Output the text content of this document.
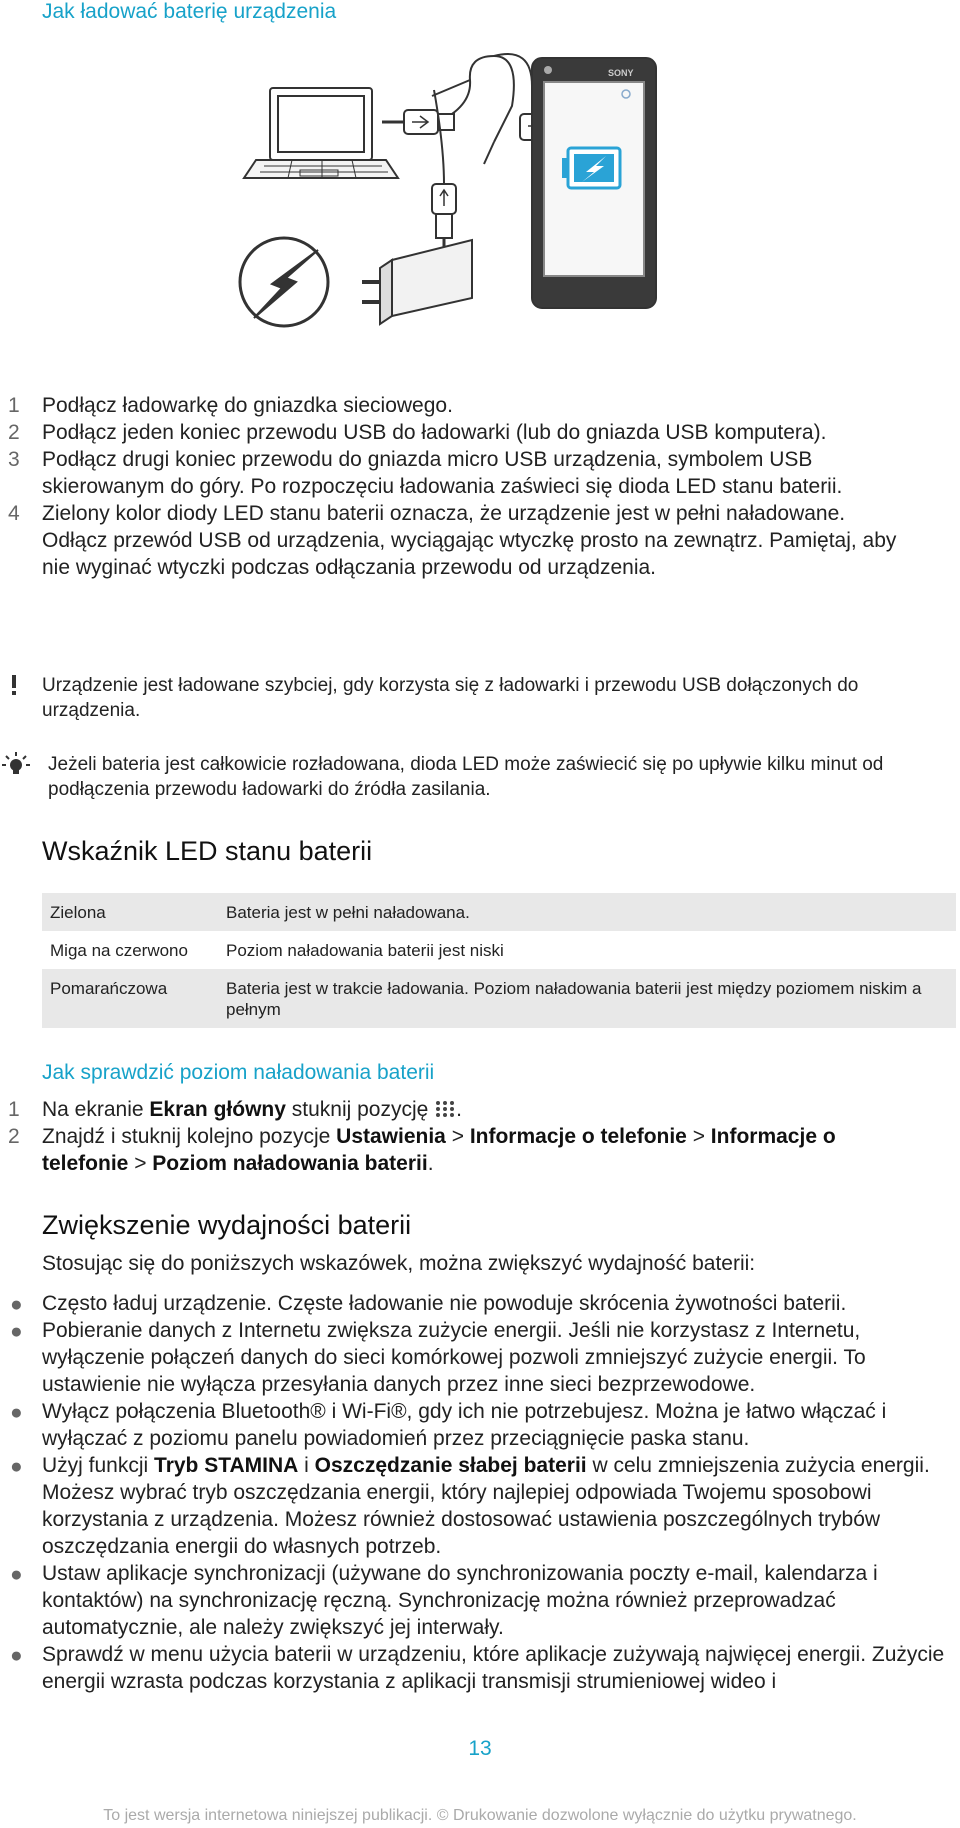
Jak ładować baterię urządzenia
SONY
1	Podłącz ładowarkę do gniazdka sieciowego.
2	Podłącz jeden koniec przewodu USB do ładowarki (lub do gniazda USB komputera).
3	Podłącz drugi koniec przewodu do gniazda micro USB urządzenia, symbolem USB skierowanym do góry. Po rozpoczęciu ładowania zaświeci się dioda LED stanu baterii.
4	Zielony kolor diody LED stanu baterii oznacza, że urządzenie jest w pełni naładowane. Odłącz przewód USB od urządzenia, wyciągając wtyczkę prosto na zewnątrz. Pamiętaj, aby nie wyginać wtyczki podczas odłączania przewodu od urządzenia.
Urządzenie jest ładowane szybciej, gdy korzysta się z ładowarki i przewodu USB dołączonych do urządzenia.
Jeżeli bateria jest całkowicie rozładowana, dioda LED może zaświecić się po upływie kilku minut od podłączenia przewodu ładowarki do źródła zasilania.
Wskaźnik LED stanu baterii
Zielona	Bateria jest w pełni naładowana.
Miga na czerwono	Poziom naładowania baterii jest niski
Pomarańczowa	Bateria jest w trakcie ładowania. Poziom naładowania baterii jest między poziomem niskim a pełnym
Jak sprawdzić poziom naładowania baterii
1	Na ekranie Ekran główny stuknij pozycję .
2	Znajdź i stuknij kolejno pozycje Ustawienia > Informacje o telefonie > Informacje o telefonie > Poziom naładowania baterii.
Zwiększenie wydajności baterii
Stosując się do poniższych wskazówek, można zwiększyć wydajność baterii:
● Często ładuj urządzenie. Częste ładowanie nie powoduje skrócenia żywotności baterii.
● Pobieranie danych z Internetu zwiększa zużycie energii. Jeśli nie korzystasz z Internetu, wyłączenie połączeń danych do sieci komórkowej pozwoli zmniejszyć zużycie energii. To ustawienie nie wyłącza przesyłania danych przez inne sieci bezprzewodowe.
● Wyłącz połączenia Bluetooth® i Wi-Fi®, gdy ich nie potrzebujesz. Można je łatwo włączać i wyłączać z poziomu panelu powiadomień przez przeciągnięcie paska stanu.
● Użyj funkcji Tryb STAMINA i Oszczędzanie słabej baterii w celu zmniejszenia zużycia energii. Możesz wybrać tryb oszczędzania energii, który najlepiej odpowiada Twojemu sposobowi korzystania z urządzenia. Możesz również dostosować ustawienia poszczególnych trybów oszczędzania energii do własnych potrzeb.
● Ustaw aplikacje synchronizacji (używane do synchronizowania poczty e-mail, kalendarza i kontaktów) na synchronizację ręczną. Synchronizację można również przeprowadzać automatycznie, ale należy zwiększyć jej interwały.
● Sprawdź w menu użycia baterii w urządzeniu, które aplikacje zużywają najwięcej energii. Zużycie energii wzrasta podczas korzystania z aplikacji transmisji strumieniowej wideo i
13
To jest wersja internetowa niniejszej publikacji. © Drukowanie dozwolone wyłącznie do użytku prywatnego.
